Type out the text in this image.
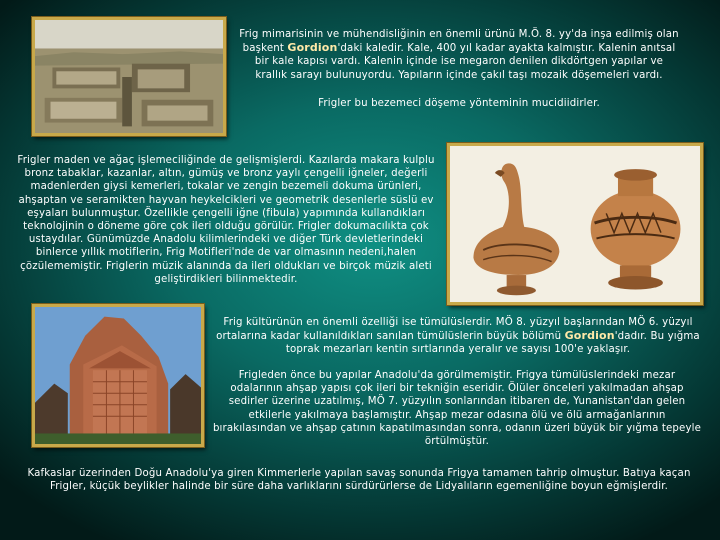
Frig mimarisinin ve mühendisliğinin en önemli ürünü M.Ö. 8. yy'da inşa edilmiş olan başkent Gordion'daki kaledir. Kale, 400 yıl kadar ayakta kalmıştır. Kalenin anıtsal bir kale kapısı vardı. Kalenin içinde ise megaron denilen dikdörtgen yapılar ve krallık sarayı bulunuyordu. Yapıların içinde çakıl taşı mozaik döşemeleri vardı.

Frigler bu bezemeci döşeme yönteminin mucidiidirler.

Frigler maden ve ağaç işlemeciliğinde de gelişmişlerdi. Kazılarda makara kulplu bronz tabaklar, kazanlar, altın, gümüş ve bronz yaylı çengelli iğneler, değerli madenlerden giysi kemerleri, tokalar ve zengin bezemeli dokuma ürünleri, ahşaptan ve seramikten hayvan heykelcikleri ve geometrik desenlerle süslü ev eşyaları bulunmuştur. Özellikle çengelli iğne (fibula) yapımında kullandıkları teknolojinin o döneme göre çok ileri olduğu görülür. Frigler dokumacılıkta çok ustaydılar. Günümüzde Anadolu kilimlerindeki ve diğer Türk devletlerindeki binlerce yıllık motiflerin, Frig Motifleri'nde de var olmasının nedeni,halen çözülememiştir. Friglerin müzik alanında da ileri oldukları ve birçok müzik aleti geliştirdikleri bilinmektedir.

Frig kültürünün en önemli özelliği ise tümülüslerdir. MÖ 8. yüzyıl başlarından MÖ 6. yüzyıl ortalarına kadar kullanıldıkları sanılan tümülüslerin büyük bölümü Gordion'dadır. Bu yığma toprak mezarları kentin sırtlarında yeralır ve sayısı 100'e yaklaşır.

Frigleden önce bu yapılar Anadolu'da görülmemiştir. Frigya tümülüslerindeki mezar odalarının ahşap yapısı çok ileri bir tekniğin eseridir. Ölüler önceleri yakılmadan ahşap sedirler üzerine uzatılmış, MÖ 7. yüzyılın sonlarından itibaren de, Yunanistan'dan gelen etkilerle yakılmaya başlamıştır. Ahşap mezar odasına ölü ve ölü armağanlarının bırakılasından ve ahşap çatının kapatılmasından sonra, odanın üzeri büyük bir yığma tepeyle örtülmüştür.

Kafkaslar üzerinden Doğu Anadolu'ya giren Kimmerlerle yapılan savaş sonunda Frigya tamamen tahrip olmuştur. Batıya kaçan Frigler, küçük beylikler halinde bir süre daha varlıklarını sürdürürlerse de Lidyalıların egemenliğine boyun eğmişlerdir.
